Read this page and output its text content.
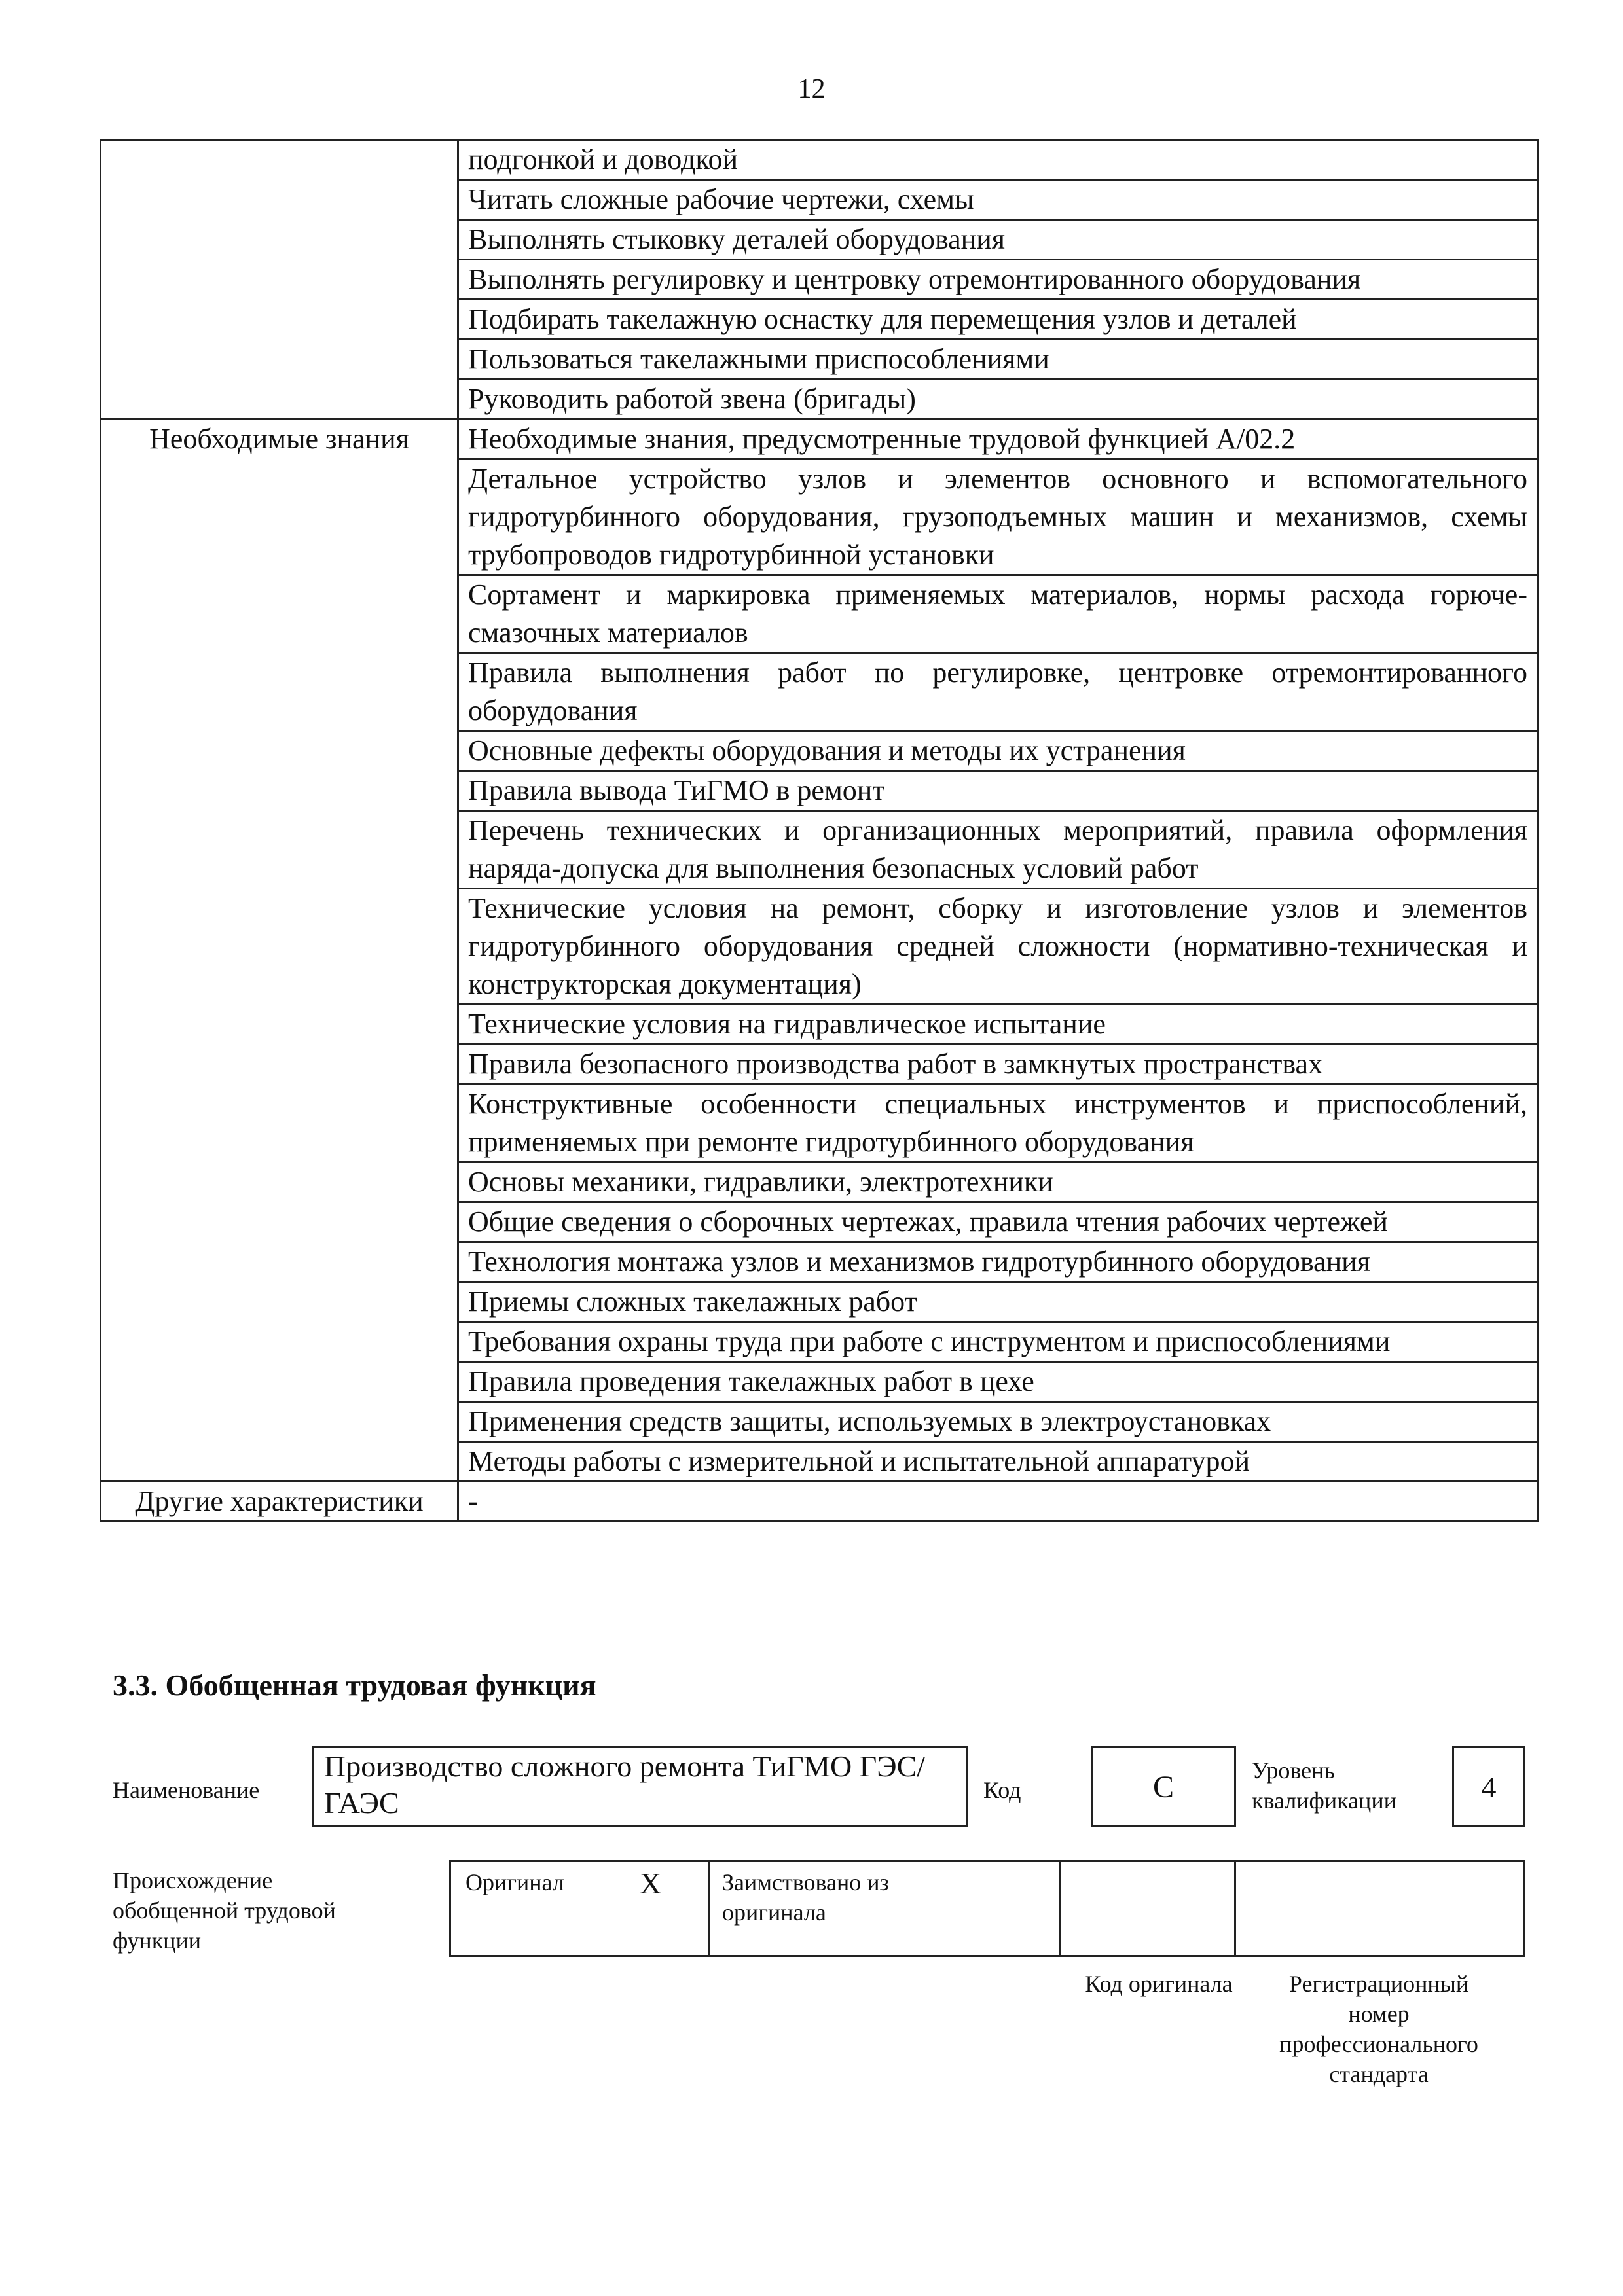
12
	подгонкой и доводкой
	Читать сложные рабочие чертежи, схемы
	Выполнять стыковку деталей оборудования
	Выполнять регулировку и центровку отремонтированного оборудования
	Подбирать такелажную оснастку для перемещения узлов и деталей
	Пользоваться такелажными приспособлениями
	Руководить работой звена (бригады)
Необходимые знания	Необходимые знания, предусмотренные трудовой функцией А/02.2
	Детальное устройство узлов и элементов основного и вспомогательного гидротурбинного оборудования, грузоподъемных машин и механизмов, схемы трубопроводов гидротурбинной установки
	Сортамент и маркировка применяемых материалов, нормы расхода горюче-смазочных материалов
	Правила выполнения работ по регулировке, центровке отремонтированного оборудования
	Основные дефекты оборудования и методы их устранения
	Правила вывода ТиГМО в ремонт
	Перечень технических и организационных мероприятий, правила оформления наряда-допуска для выполнения безопасных условий работ
	Технические условия на ремонт, сборку и изготовление узлов и элементов гидротурбинного оборудования средней сложности (нормативно-техническая и конструкторская документация)
	Технические условия на гидравлическое испытание
	Правила безопасного производства работ в замкнутых пространствах
	Конструктивные особенности специальных инструментов и приспособлений, применяемых при ремонте гидротурбинного оборудования
	Основы механики, гидравлики, электротехники
	Общие сведения о сборочных чертежах, правила чтения рабочих чертежей
	Технология монтажа узлов и механизмов гидротурбинного оборудования
	Приемы сложных такелажных работ
	Требования охраны труда при работе с инструментом и приспособлениями
	Правила проведения такелажных работ в цехе
	Применения средств защиты, используемых в электроустановках
	Методы работы с измерительной и испытательной аппаратурой
Другие характеристики	-
3.3. Обобщенная трудовая функция
Наименование
Производство сложного ремонта ТиГМО ГЭС/ГАЭС	Код	С	Уровень квалификации	4
Происхождение обобщенной трудовой функции
Оригинал	X	Заимствовано из оригинала
Код оригинала	Регистрационный номер профессионального стандарта
